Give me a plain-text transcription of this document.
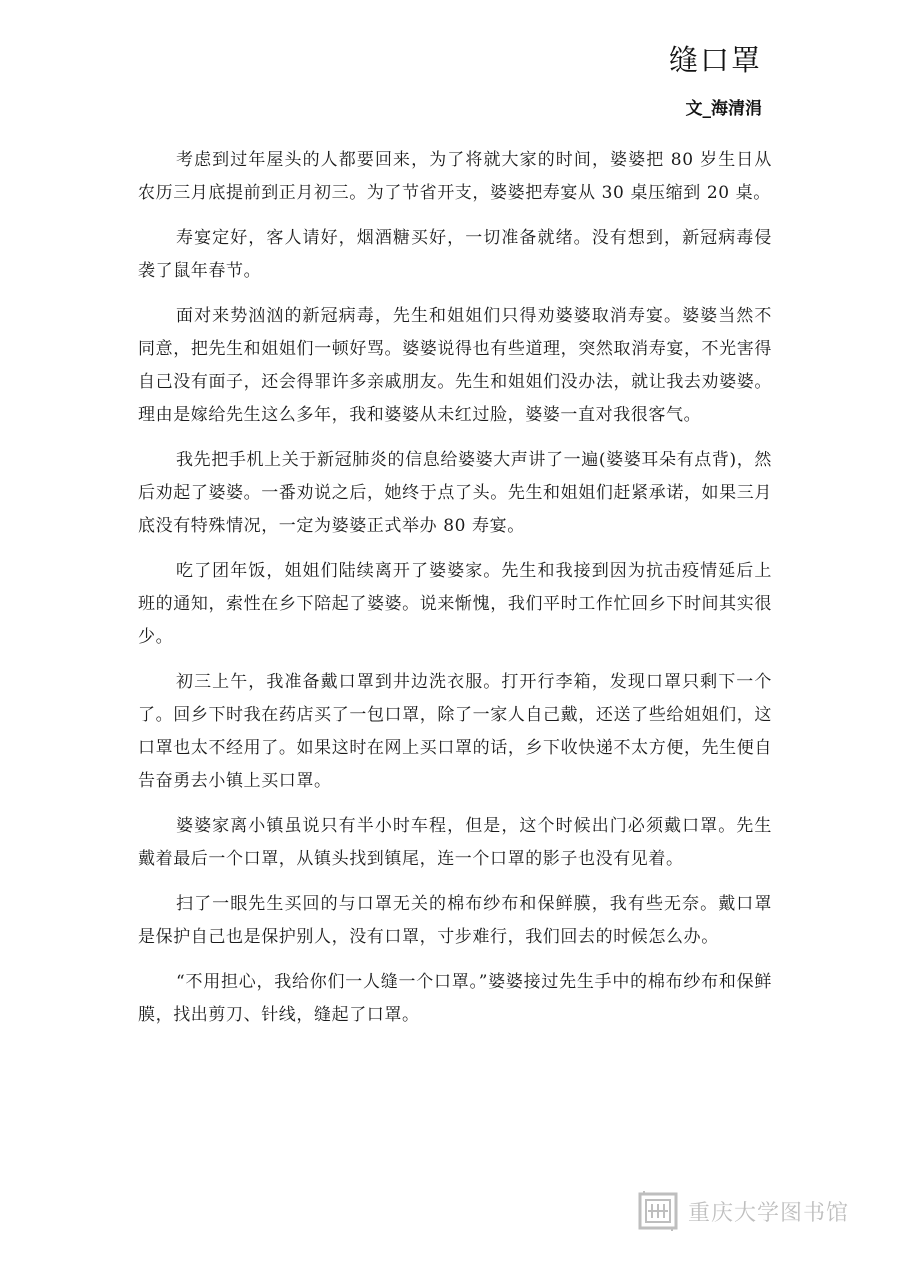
缝口罩
文_海清涓

考虑到过年屋头的人都要回来，为了将就大家的时间，婆婆把 80 岁生日从农历三月底提前到正月初三。为了节省开支，婆婆把寿宴从 30 桌压缩到 20 桌。

寿宴定好，客人请好，烟酒糖买好，一切准备就绪。没有想到，新冠病毒侵袭了鼠年春节。

面对来势汹汹的新冠病毒，先生和姐姐们只得劝婆婆取消寿宴。婆婆当然不同意，把先生和姐姐们一顿好骂。婆婆说得也有些道理，突然取消寿宴，不光害得自己没有面子，还会得罪许多亲戚朋友。先生和姐姐们没办法，就让我去劝婆婆。理由是嫁给先生这么多年，我和婆婆从未红过脸，婆婆一直对我很客气。

我先把手机上关于新冠肺炎的信息给婆婆大声讲了一遍(婆婆耳朵有点背)，然后劝起了婆婆。一番劝说之后，她终于点了头。先生和姐姐们赶紧承诺，如果三月底没有特殊情况，一定为婆婆正式举办 80 寿宴。

吃了团年饭，姐姐们陆续离开了婆婆家。先生和我接到因为抗击疫情延后上班的通知，索性在乡下陪起了婆婆。说来惭愧，我们平时工作忙回乡下时间其实很少。

初三上午，我准备戴口罩到井边洗衣服。打开行李箱，发现口罩只剩下一个了。回乡下时我在药店买了一包口罩，除了一家人自己戴，还送了些给姐姐们，这口罩也太不经用了。如果这时在网上买口罩的话，乡下收快递不太方便，先生便自告奋勇去小镇上买口罩。

婆婆家离小镇虽说只有半小时车程，但是，这个时候出门必须戴口罩。先生戴着最后一个口罩，从镇头找到镇尾，连一个口罩的影子也没有见着。

扫了一眼先生买回的与口罩无关的棉布纱布和保鲜膜，我有些无奈。戴口罩是保护自己也是保护别人，没有口罩，寸步难行，我们回去的时候怎么办。

“不用担心，我给你们一人缝一个口罩。”婆婆接过先生手中的棉布纱布和保鲜膜，找出剪刀、针线，缝起了口罩。

重庆大学图书馆
